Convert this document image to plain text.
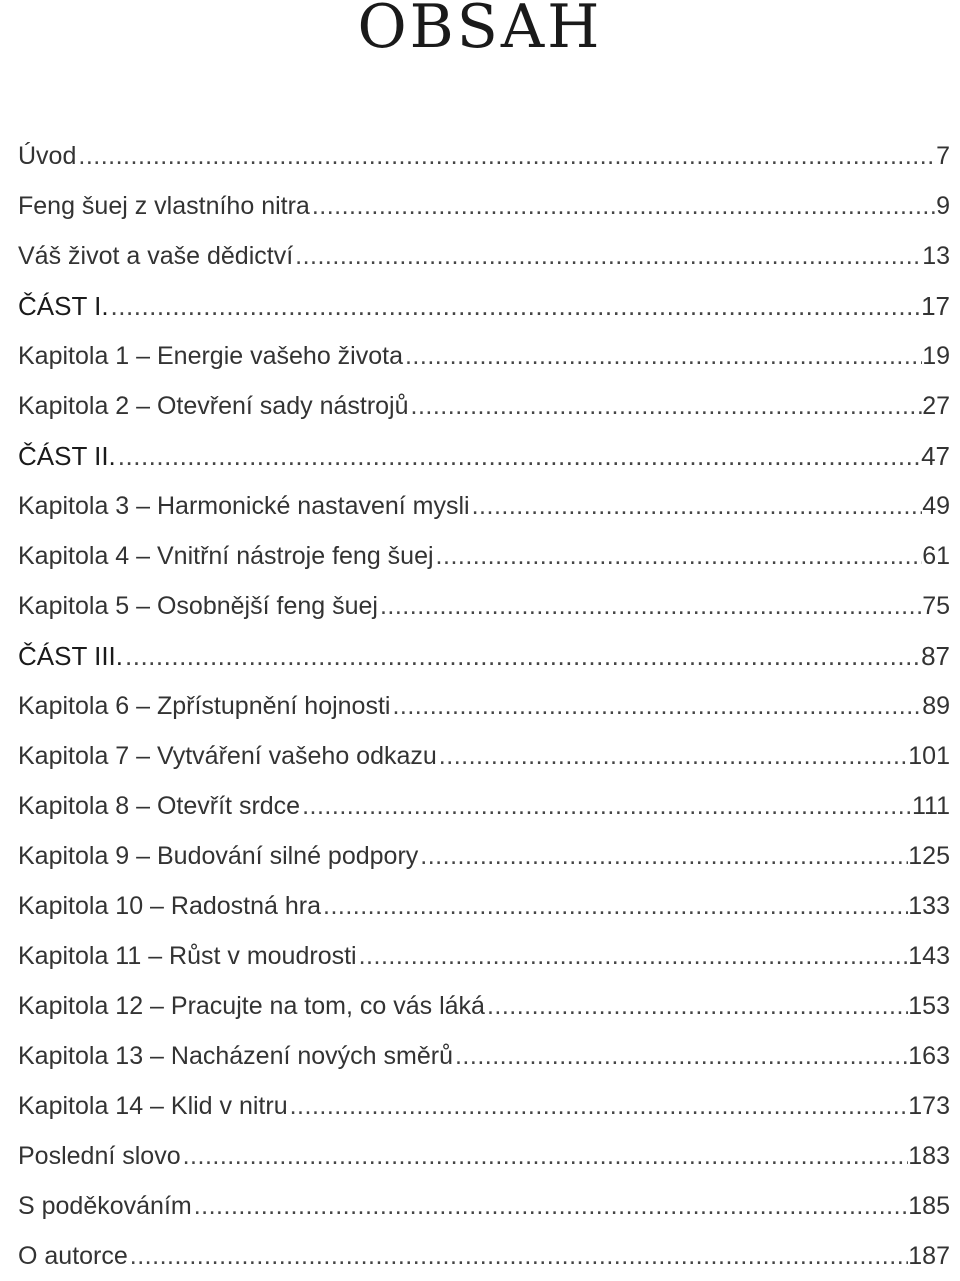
OBSAH
Úvod .....	7
Feng šuej z vlastního nitra .....	9
Váš život a vaše dědictví .....	13
ČÁST I. .....	17
Kapitola 1 – Energie vašeho života .....	19
Kapitola 2 – Otevření sady nástrojů .....	27
ČÁST II. .....	47
Kapitola 3 – Harmonické nastavení mysli .....	49
Kapitola 4 – Vnitřní nástroje feng šuej .....	61
Kapitola 5 – Osobnější feng šuej .....	75
ČÁST III. .....	87
Kapitola 6 – Zpřístupnění hojnosti .....	89
Kapitola 7 – Vytváření vašeho odkazu .....	101
Kapitola 8 – Otevřít srdce .....	111
Kapitola 9 – Budování silné podpory .....	125
Kapitola 10 – Radostná hra .....	133
Kapitola 11 – Růst v moudrosti .....	143
Kapitola 12 – Pracujte na tom, co vás láká .....	153
Kapitola 13 – Nacházení nových směrů .....	163
Kapitola 14 – Klid v nitru .....	173
Poslední slovo .....	183
S poděkováním .....	185
O autorce .....	187
